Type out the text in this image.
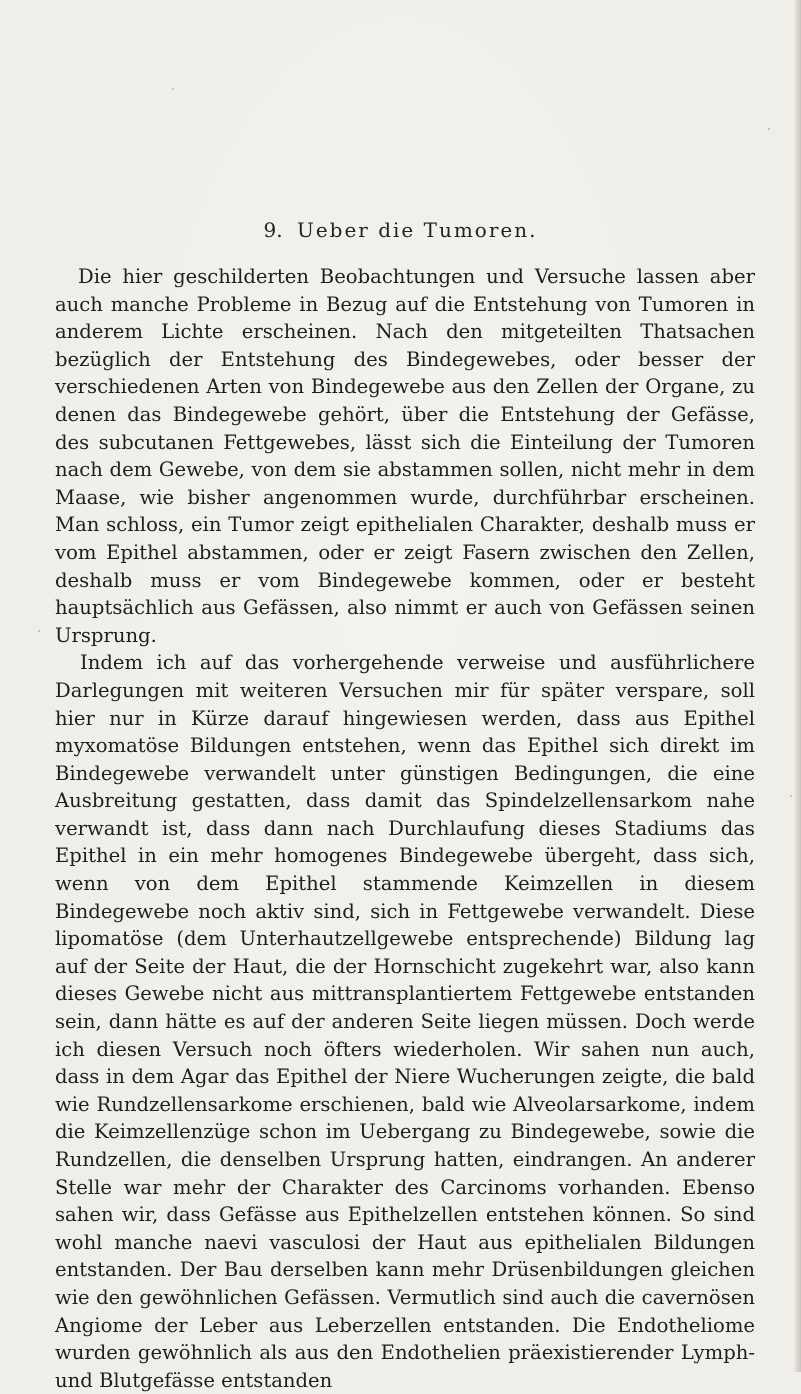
9. Ueber die Tumoren.

Die hier geschilderten Beobachtungen und Versuche lassen aber auch manche Probleme in Bezug auf die Entstehung von Tumoren in anderem Lichte erscheinen. Nach den mitgeteilten Thatsachen bezüglich der Entstehung des Bindegewebes, oder besser der verschiedenen Arten von Bindegewebe aus den Zellen der Organe, zu denen das Bindegewebe gehört, über die Entstehung der Gefässe, des subcutanen Fettgewebes, lässt sich die Einteilung der Tumoren nach dem Gewebe, von dem sie abstammen sollen, nicht mehr in dem Maase, wie bisher angenommen wurde, durchführbar erscheinen. Man schloss, ein Tumor zeigt epithelialen Charakter, deshalb muss er vom Epithel abstammen, oder er zeigt Fasern zwischen den Zellen, deshalb muss er vom Bindegewebe kommen, oder er besteht hauptsächlich aus Gefässen, also nimmt er auch von Gefässen seinen Ursprung.

Indem ich auf das vorhergehende verweise und ausführlichere Darlegungen mit weiteren Versuchen mir für später verspare, soll hier nur in Kürze darauf hingewiesen werden, dass aus Epithel myxomatöse Bildungen entstehen, wenn das Epithel sich direkt im Bindegewebe verwandelt unter günstigen Bedingungen, die eine Ausbreitung gestatten, dass damit das Spindelzellensarkom nahe verwandt ist, dass dann nach Durchlaufung dieses Stadiums das Epithel in ein mehr homogenes Bindegewebe übergeht, dass sich, wenn von dem Epithel stammende Keimzellen in diesem Bindegewebe noch aktiv sind, sich in Fettgewebe verwandelt. Diese lipomatöse (dem Unterhautzellgewebe entsprechende) Bildung lag auf der Seite der Haut, die der Hornschicht zugekehrt war, also kann dieses Gewebe nicht aus mittransplantiertem Fettgewebe entstanden sein, dann hätte es auf der anderen Seite liegen müssen. Doch werde ich diesen Versuch noch öfters wiederholen. Wir sahen nun auch, dass in dem Agar das Epithel der Niere Wucherungen zeigte, die bald wie Rundzellensarkome erschienen, bald wie Alveolarsarkome, indem die Keimzellenzüge schon im Uebergang zu Bindegewebe, sowie die Rundzellen, die denselben Ursprung hatten, eindrangen. An anderer Stelle war mehr der Charakter des Carcinoms vorhanden. Ebenso sahen wir, dass Gefässe aus Epithelzellen entstehen können. So sind wohl manche naevi vasculosi der Haut aus epithelialen Bildungen entstanden. Der Bau derselben kann mehr Drüsenbildungen gleichen wie den gewöhnlichen Gefässen. Vermutlich sind auch die cavernösen Angiome der Leber aus Leberzellen entstanden. Die Endotheliome wurden gewöhnlich als aus den Endothelien präexistierender Lymph- und Blutgefässe entstanden
